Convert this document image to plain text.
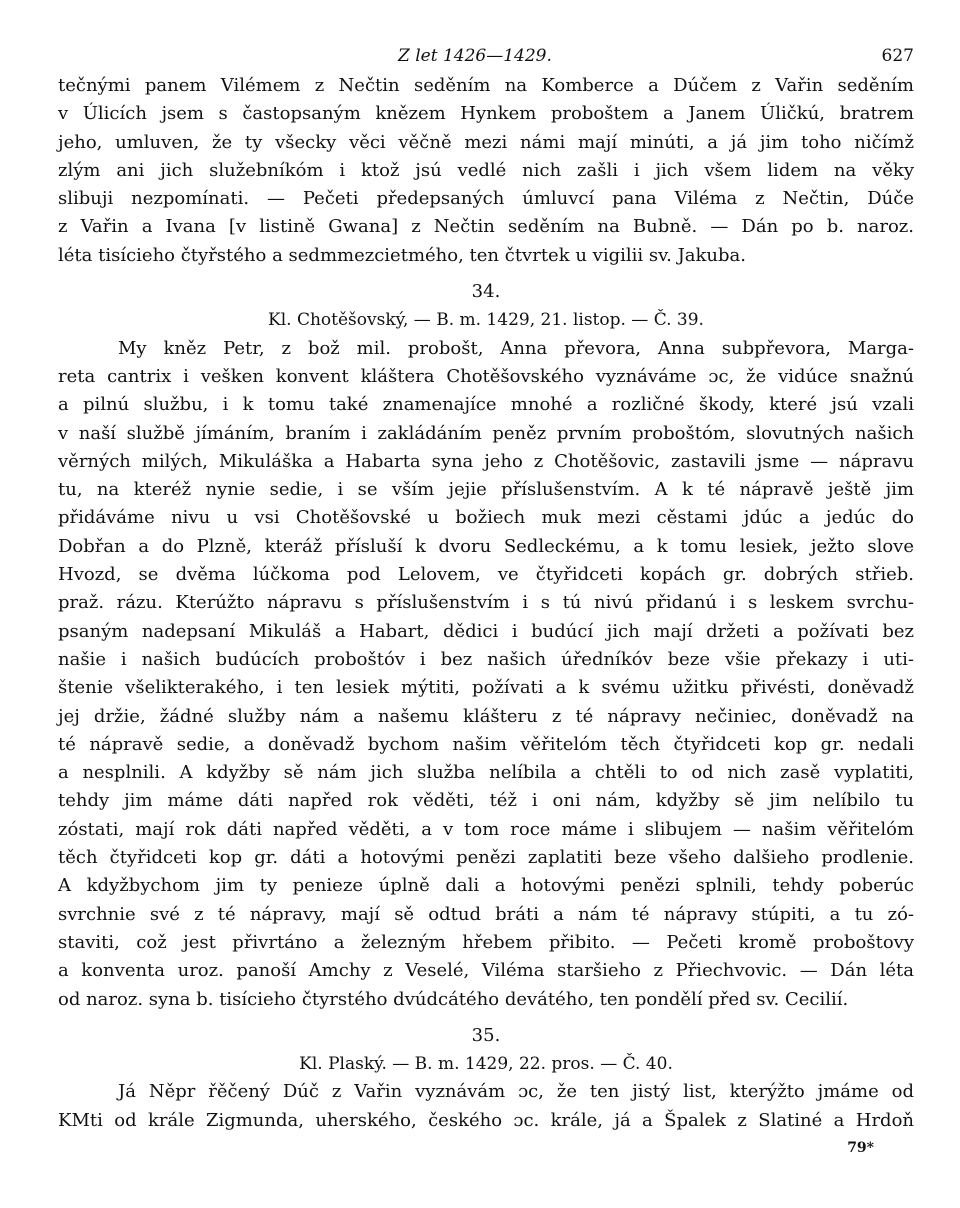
Z let 1426—1429.	627
tečnými panem Vilémem z Nečtin seděním na Komberce a Dúčem z Vařin seděním
v Úlicích jsem s častopsaným knězem Hynkem proboštem a Janem Úličkú, bratrem
jeho, umluven, že ty všecky věci věčně mezi námi mají minúti, a já jim toho ničímž
zlým ani jich služebníkóm i ktož jsú vedlé nich zašli i jich všem lidem na věky
slibuji nezpomínati. — Pečeti předepsaných úmluvcí pana Viléma z Nečtin, Dúče
z Vařin a Ivana [v listině Gwana] z Nečtin seděním na Bubně. — Dán po b. naroz.
léta tisícieho čtyřstého a sedmmezcietmého, ten čtvrtek u vigilii sv. Jakuba.
34.
Kl. Chotěšovský, — B. m. 1429, 21. listop. — Č. 39.
My kněz Petr, z bož mil. probošt, Anna převora, Anna subpřevora, Marga-
reta cantrix i vešken konvent kláštera Chotěšovského vyznáváme ɔc, že vidúce snažnú
a pilnú službu, i k tomu také znamenajíce mnohé a rozličné škody, které jsú vzali
v naší službě jímáním, braním i zakládáním peněz prvním proboštóm, slovutných našich
věrných milých, Mikuláška a Habarta syna jeho z Chotěšovic, zastavili jsme — nápravu
tu, na kteréž nynie sedie, i se vším jejie příslušenstvím. A k té nápravě ještě jim
přidáváme nivu u vsi Chotěšovské u božiech muk mezi cěstami jdúc a jedúc do
Dobřan a do Plzně, kteráž přísluší k dvoru Sedleckému, a k tomu lesiek, ježto slove
Hvozd, se dvěma lúčkoma pod Lelovem, ve čtyřidceti kopách gr. dobrých střieb.
praž. rázu. Kterúžto nápravu s příslušenstvím i s tú nivú přidanú i s leskem svrchu-
psaným nadepsaní Mikuláš a Habart, dědici i budúcí jich mají držeti a požívati bez
našie i našich budúcích proboštóv i bez našich úředníkóv beze všie překazy i uti-
štenie všelikterakého, i ten lesiek mýtiti, požívati a k svému užitku přivésti, doněvadž
jej držie, žádné služby nám a našemu klášteru z té nápravy nečiniec, doněvadž na
té nápravě sedie, a doněvadž bychom našim věřitelóm těch čtyřidceti kop gr. nedali
a nesplnili. A kdyžby sě nám jich služba nelíbila a chtěli to od nich zasě vyplatiti,
tehdy jim máme dáti napřed rok věděti, též i oni nám, kdyžby sě jim nelíbilo tu
zóstati, mají rok dáti napřed věděti, a v tom roce máme i slibujem — našim věřitelóm
těch čtyřidceti kop gr. dáti a hotovými penězi zaplatiti beze všeho dalšieho prodlenie.
A kdyžbychom jim ty penieze úplně dali a hotovými penězi splnili, tehdy poberúc
svrchnie své z té nápravy, mají sě odtud bráti a nám té nápravy stúpiti, a tu zó-
staviti, což jest přivrtáno a železným hřebem přibito. — Pečeti kromě proboštovy
a konventa uroz. panoší Amchy z Veselé, Viléma staršieho z Přiechvovic. — Dán léta
od naroz. syna b. tisícieho čtyrstého dvúdcátého devátého, ten pondělí před sv. Cecilií.
35.
Kl. Plaský. — B. m. 1429, 22. pros. — Č. 40.
Já Něpr řěčený Dúč z Vařin vyznávám ɔc, že ten jistý list, kterýžto jmáme od
KMti od krále Zigmunda, uherského, českého ɔc. krále, já a Špalek z Slatiné a Hrdoň
79*
